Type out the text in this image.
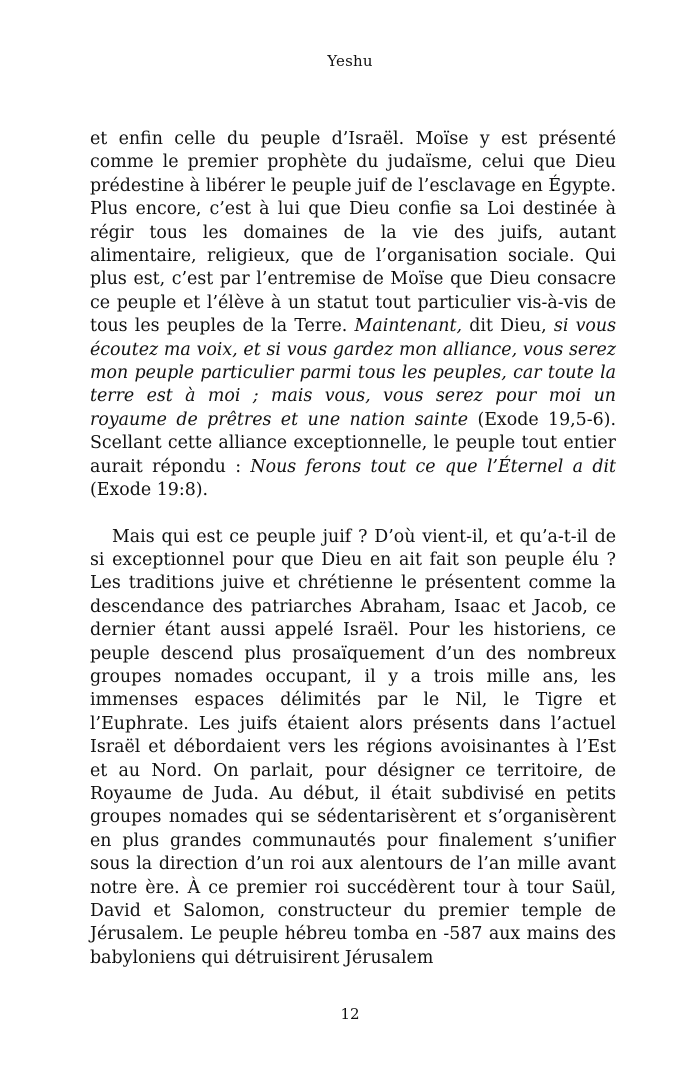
Yeshu

et enfin celle du peuple d’Israël. Moïse y est présenté comme le premier prophète du judaïsme, celui que Dieu prédestine à libérer le peuple juif de l’esclavage en Égypte. Plus encore, c’est à lui que Dieu confie sa Loi destinée à régir tous les domaines de la vie des juifs, autant alimentaire, religieux, que de l’organisation sociale. Qui plus est, c’est par l’entremise de Moïse que Dieu consacre ce peuple et l’élève à un statut tout particulier vis-à-vis de tous les peuples de la Terre. Maintenant, dit Dieu, si vous écoutez ma voix, et si vous gardez mon alliance, vous serez mon peuple particulier parmi tous les peuples, car toute la terre est à moi ; mais vous, vous serez pour moi un royaume de prêtres et une nation sainte (Exode 19,5-6). Scellant cette alliance exceptionnelle, le peuple tout entier aurait répondu : Nous ferons tout ce que l’Éternel a dit (Exode 19:8).

Mais qui est ce peuple juif ? D’où vient-il, et qu’a-t-il de si exceptionnel pour que Dieu en ait fait son peuple élu ? Les traditions juive et chrétienne le présentent comme la descendance des patriarches Abraham, Isaac et Jacob, ce dernier étant aussi appelé Israël. Pour les historiens, ce peuple descend plus prosaïquement d’un des nombreux groupes nomades occupant, il y a trois mille ans, les immenses espaces délimités par le Nil, le Tigre et l’Euphrate. Les juifs étaient alors présents dans l’actuel Israël et débordaient vers les régions avoisinantes à l’Est et au Nord. On parlait, pour désigner ce territoire, de Royaume de Juda. Au début, il était subdivisé en petits groupes nomades qui se sédentarisèrent et s’organisèrent en plus grandes communautés pour finalement s’unifier sous la direction d’un roi aux alentours de l’an mille avant notre ère. À ce premier roi succédèrent tour à tour Saül, David et Salomon, constructeur du premier temple de Jérusalem. Le peuple hébreu tomba en -587 aux mains des babyloniens qui détruisirent Jérusalem

12
